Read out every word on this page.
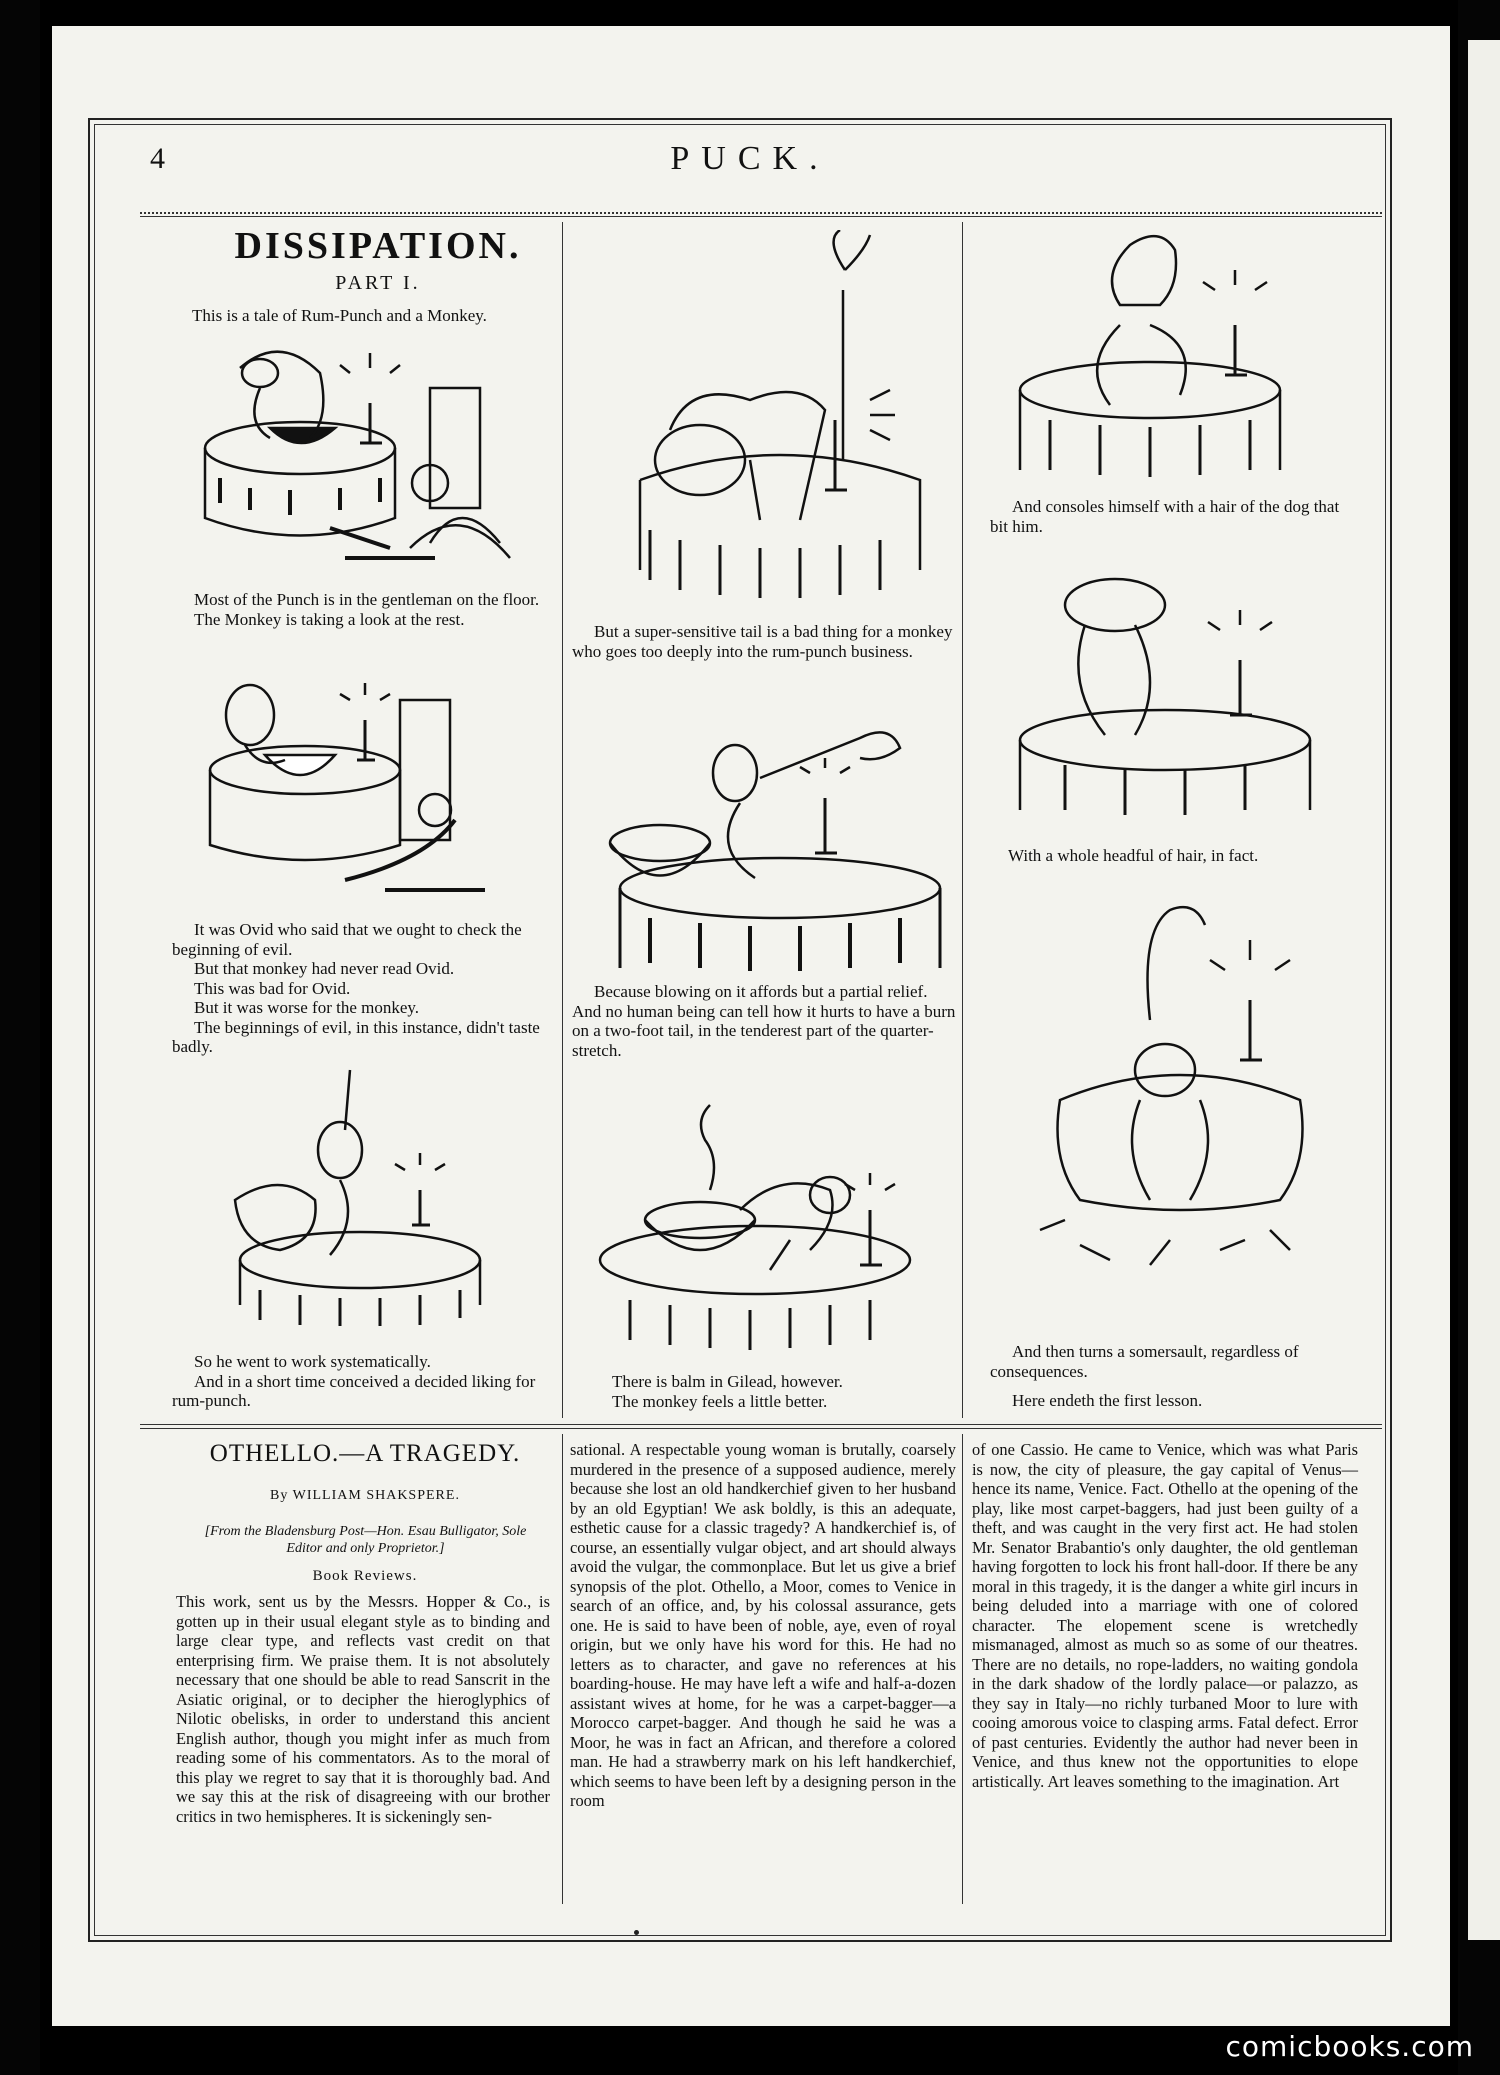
4	PUCK.
DISSIPATION.
PART I.
This is a tale of Rum-Punch and a Monkey.

Most of the Punch is in the gentleman on the floor.

The Monkey is taking a look at the rest.

It was Ovid who said that we ought to check the beginning of evil.

But that monkey had never read Ovid.

This was bad for Ovid.

But it was worse for the monkey.

The beginnings of evil, in this instance, didn't taste badly.

So he went to work systematically.

And in a short time conceived a decided liking for rum-punch.

But a super-sensitive tail is a bad thing for a monkey who goes too deeply into the rum-punch business.

Because blowing on it affords but a partial relief. And no human being can tell how it hurts to have a burn on a two-foot tail, in the tenderest part of the quarter-stretch.

There is balm in Gilead, however.

The monkey feels a little better.

And consoles himself with a hair of the dog that bit him.

With a whole headful of hair, in fact.

And then turns a somersault, regardless of consequences.

Here endeth the first lesson.

OTHELLO.—A TRAGEDY.
By WILLIAM SHAKSPERE.
[From the Bladensburg Post—Hon. Esau Bulligator, Sole Editor and only Proprietor.]
Book Reviews.

This work, sent us by the Messrs. Hopper & Co., is gotten up in their usual elegant style as to binding and large clear type, and reflects vast credit on that enterprising firm. We praise them. It is not absolutely necessary that one should be able to read Sanscrit in the Asiatic original, or to decipher the hieroglyphics of Nilotic obelisks, in order to understand this ancient English author, though you might infer as much from reading some of his commentators. As to the moral of this play we regret to say that it is thoroughly bad. And we say this at the risk of disagreeing with our brother critics in two hemispheres. It is sickeningly sen-

sational. A respectable young woman is brutally, coarsely murdered in the presence of a supposed audience, merely because she lost an old handkerchief given to her husband by an old Egyptian! We ask boldly, is this an adequate, esthetic cause for a classic tragedy? A handkerchief is, of course, an essentially vulgar object, and art should always avoid the vulgar, the commonplace. But let us give a brief synopsis of the plot. Othello, a Moor, comes to Venice in search of an office, and, by his colossal assurance, gets one. He is said to have been of noble, aye, even of royal origin, but we only have his word for this. He had no letters as to character, and gave no references at his boarding-house. He may have left a wife and half-a-dozen assistant wives at home, for he was a carpet-bagger—a Morocco carpet-bagger. And though he said he was a Moor, he was in fact an African, and therefore a colored man. He had a strawberry mark on his left handkerchief, which seems to have been left by a designing person in the room

of one Cassio. He came to Venice, which was what Paris is now, the city of pleasure, the gay capital of Venus—hence its name, Venice. Fact. Othello at the opening of the play, like most carpet-baggers, had just been guilty of a theft, and was caught in the very first act. He had stolen Mr. Senator Brabantio's only daughter, the old gentleman having forgotten to lock his front hall-door. If there be any moral in this tragedy, it is the danger a white girl incurs in being deluded into a marriage with one of colored character. The elopement scene is wretchedly mismanaged, almost as much so as some of our theatres. There are no details, no rope-ladders, no waiting gondola in the dark shadow of the lordly palace—or palazzo, as they say in Italy—no richly turbaned Moor to lure with cooing amorous voice to clasping arms. Fatal defect. Error of past centuries. Evidently the author had never been in Venice, and thus knew not the opportunities to elope artistically. Art leaves something to the imagination. Art

comicbooks.com
